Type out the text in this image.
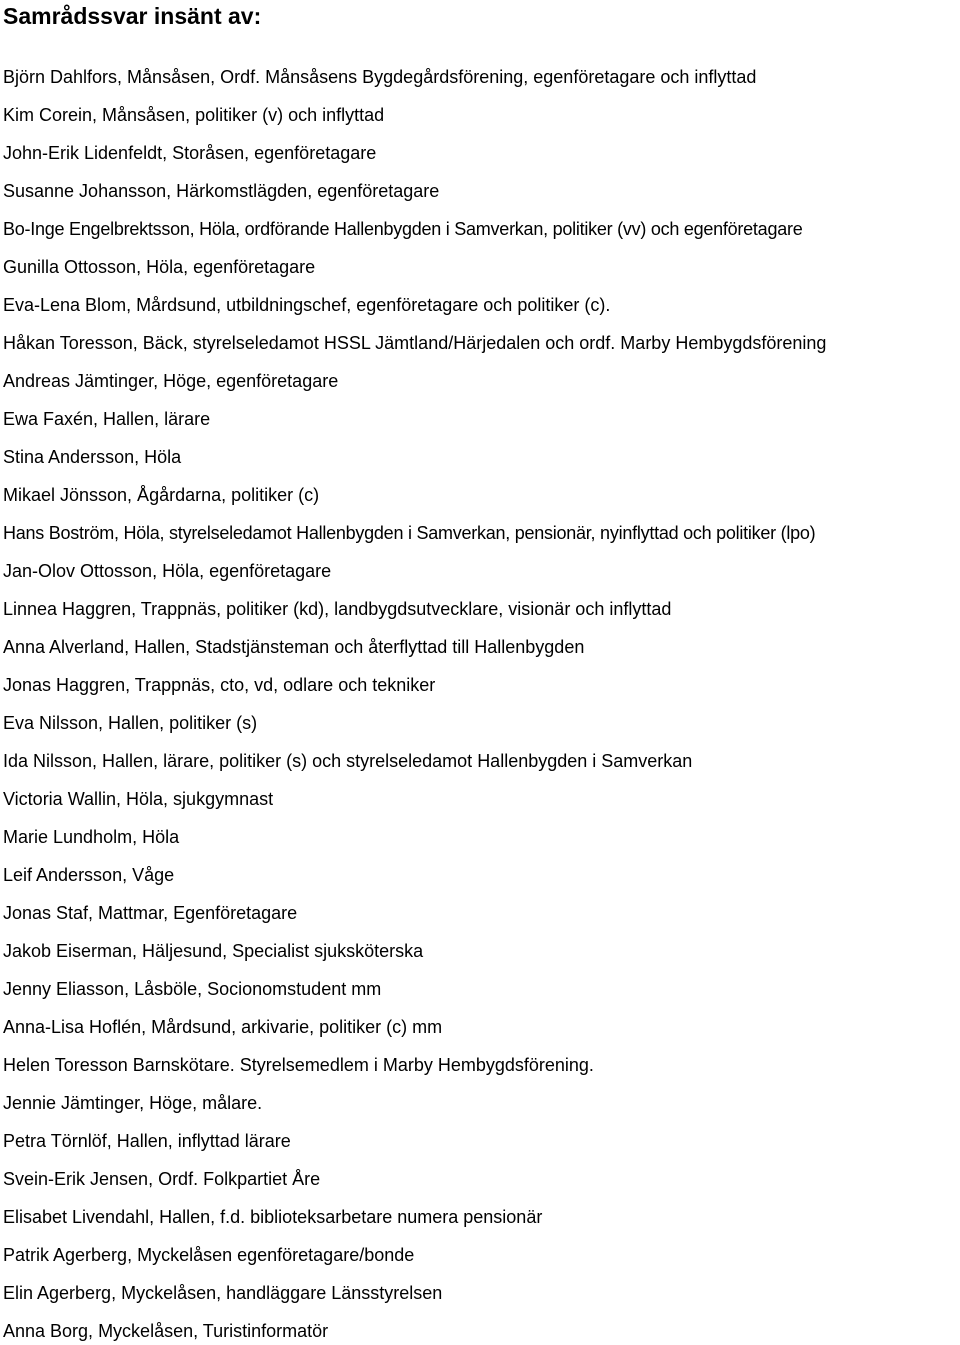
Samrådssvar insänt av:
Björn Dahlfors, Månsåsen, Ordf. Månsåsens Bygdegårdsförening, egenföretagare och inflyttad
Kim Corein, Månsåsen, politiker (v) och inflyttad
John-Erik Lidenfeldt, Storåsen, egenföretagare
Susanne Johansson, Härkomstlägden, egenföretagare
Bo-Inge Engelbrektsson, Höla, ordförande Hallenbygden i Samverkan, politiker (vv) och egenföretagare
Gunilla Ottosson, Höla, egenföretagare
Eva-Lena Blom, Mårdsund, utbildningschef, egenföretagare och politiker (c).
Håkan Toresson, Bäck, styrelseledamot HSSL Jämtland/Härjedalen och ordf. Marby Hembygdsförening
Andreas Jämtinger, Höge, egenföretagare
Ewa Faxén, Hallen, lärare
Stina Andersson, Höla
Mikael Jönsson, Ågårdarna, politiker (c)
Hans Boström, Höla, styrelseledamot Hallenbygden i Samverkan, pensionär, nyinflyttad och politiker (lpo)
Jan-Olov Ottosson, Höla, egenföretagare
Linnea Haggren, Trappnäs, politiker (kd), landbygdsutvecklare, visionär och inflyttad
Anna Alverland, Hallen, Stadstjänsteman och återflyttad till Hallenbygden
Jonas Haggren, Trappnäs, cto, vd, odlare och tekniker
Eva Nilsson, Hallen, politiker (s)
Ida Nilsson, Hallen, lärare, politiker (s) och styrelseledamot Hallenbygden i Samverkan
Victoria Wallin, Höla, sjukgymnast
Marie Lundholm, Höla
Leif Andersson, Våge
Jonas Staf, Mattmar, Egenföretagare
Jakob Eiserman, Häljesund, Specialist sjuksköterska
Jenny Eliasson, Låsböle, Socionomstudent mm
Anna-Lisa Hoflén, Mårdsund, arkivarie, politiker (c) mm
Helen Toresson Barnskötare. Styrelsemedlem i Marby Hembygdsförening.
Jennie Jämtinger, Höge, målare.
Petra Törnlöf, Hallen, inflyttad lärare
Svein-Erik Jensen, Ordf. Folkpartiet Åre
Elisabet Livendahl, Hallen, f.d. biblioteksarbetare numera pensionär
Patrik Agerberg, Myckelåsen egenföretagare/bonde
Elin Agerberg, Myckelåsen, handläggare Länsstyrelsen
Anna Borg, Myckelåsen, Turistinformatör
